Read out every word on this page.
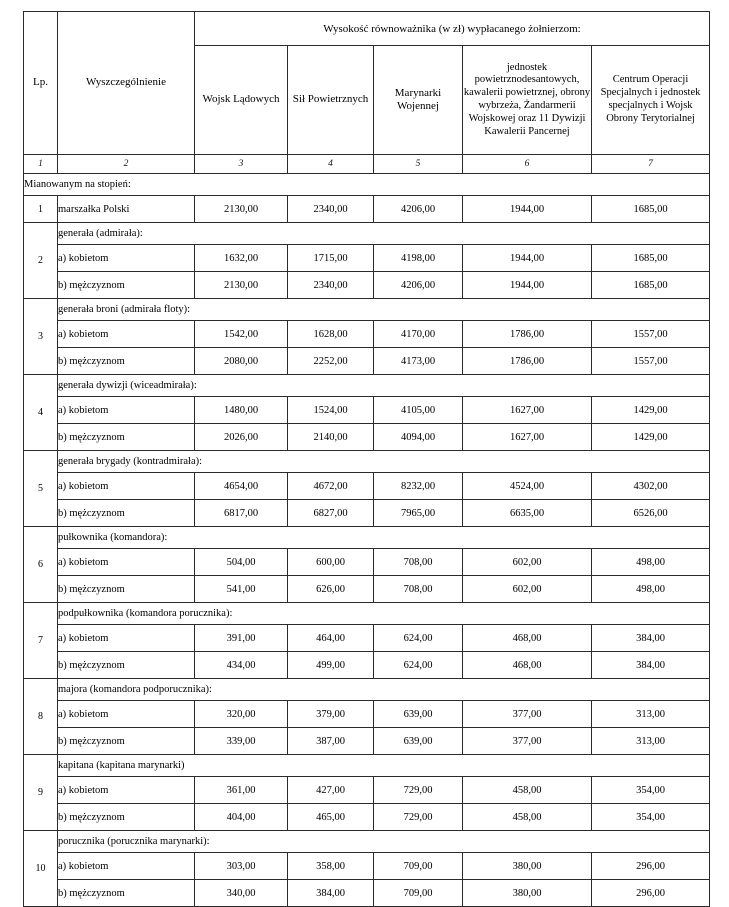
Lp.	Wyszczególnienie	Wysokość równoważnika (w zł) wypłacanego żołnierzom:				
		Wojsk Lądowych	Sił Powietrznych	Marynarki Wojennej	jednostek powietrznodesantowych, kawalerii powietrznej, obrony wybrzeża, Żandarmerii Wojskowej oraz 11 Dywizji Kawalerii Pancernej	Centrum Operacji Specjalnych i jednostek specjalnych i Wojsk Obrony Terytorialnej
1	2	3	4	5	6	7
Mianowanym na stopień:						
1	marszałka Polski	2130,00	2340,00	4206,00	1944,00	1685,00
2	generała (admirała):					
	a) kobietom	1632,00	1715,00	4198,00	1944,00	1685,00
	b) mężczyznom	2130,00	2340,00	4206,00	1944,00	1685,00
3	generała broni (admirała floty):					
	a) kobietom	1542,00	1628,00	4170,00	1786,00	1557,00
	b) mężczyznom	2080,00	2252,00	4173,00	1786,00	1557,00
4	generała dywizji (wiceadmirała):					
	a) kobietom	1480,00	1524,00	4105,00	1627,00	1429,00
	b) mężczyznom	2026,00	2140,00	4094,00	1627,00	1429,00
5	generała brygady (kontradmirała):					
	a) kobietom	4654,00	4672,00	8232,00	4524,00	4302,00
	b) mężczyznom	6817,00	6827,00	7965,00	6635,00	6526,00
6	pułkownika (komandora):					
	a) kobietom	504,00	600,00	708,00	602,00	498,00
	b) mężczyznom	541,00	626,00	708,00	602,00	498,00
7	podpułkownika (komandora porucznika):					
	a) kobietom	391,00	464,00	624,00	468,00	384,00
	b) mężczyznom	434,00	499,00	624,00	468,00	384,00
8	majora (komandora podporucznika):					
	a) kobietom	320,00	379,00	639,00	377,00	313,00
	b) mężczyznom	339,00	387,00	639,00	377,00	313,00
9	kapitana (kapitana marynarki)					
	a) kobietom	361,00	427,00	729,00	458,00	354,00
	b) mężczyznom	404,00	465,00	729,00	458,00	354,00
10	porucznika (porucznika marynarki):					
	a) kobietom	303,00	358,00	709,00	380,00	296,00
	b) mężczyznom	340,00	384,00	709,00	380,00	296,00
